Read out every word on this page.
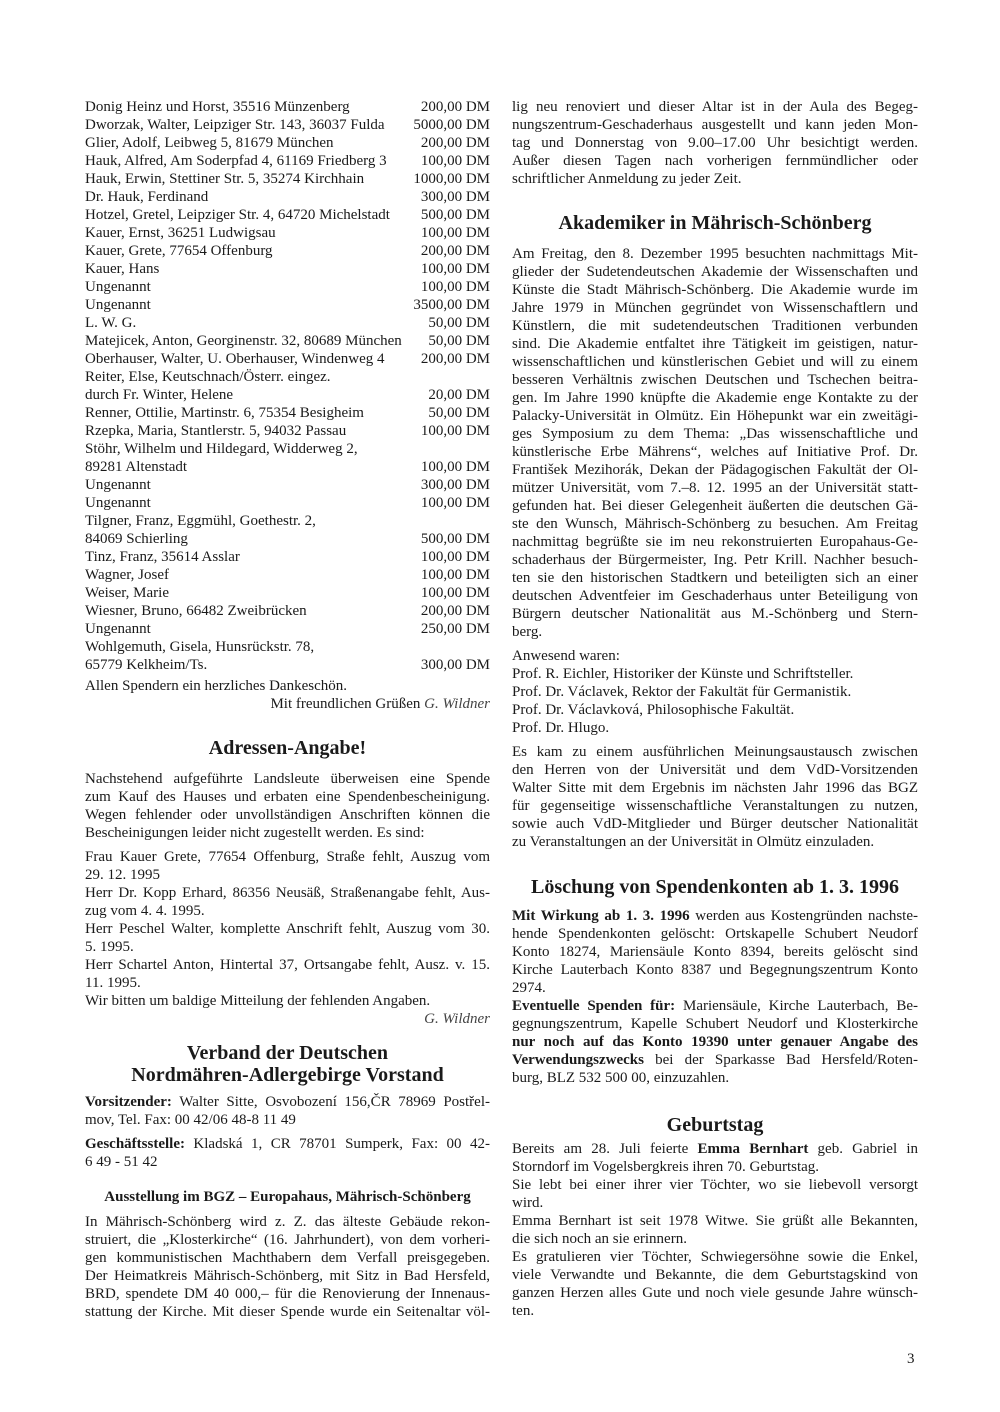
Donig Heinz und Horst, 35516 Münzenberg	200,00 DM
Dworzak, Walter, Leipziger Str. 143, 36037 Fulda 5000,00 DM
Glier, Adolf, Leibweg 5, 81679 München	200,00 DM
Hauk, Alfred, Am Soderpfad 4, 61169 Friedberg 3 100,00 DM
Hauk, Erwin, Stettiner Str. 5, 35274 Kirchhain	1000,00 DM
Dr. Hauk, Ferdinand	300,00 DM
Hotzel, Gretel, Leipziger Str. 4, 64720 Michelstadt 500,00 DM
Kauer, Ernst, 36251 Ludwigsau	100,00 DM
Kauer, Grete, 77654 Offenburg	200,00 DM
Kauer, Hans	100,00 DM
Ungenannt	100,00 DM
Ungenannt	3500,00 DM
L. W. G.	50,00 DM
Matejicek, Anton, Georginenstr. 32, 80689 München 50,00 DM
Oberhauser, Walter, U. Oberhauser, Windenweg 4 200,00 DM
Reiter, Else, Keutschnach/Österr. eingez.
durch Fr. Winter, Helene	20,00 DM
Renner, Ottilie, Martinstr. 6, 75354 Besigheim	50,00 DM
Rzepka, Maria, Stantlerstr. 5, 94032 Passau	100,00 DM
Stöhr, Wilhelm und Hildegard, Widderweg 2,
89281 Altenstadt	100,00 DM
Ungenannt	300,00 DM
Ungenannt	100,00 DM
Tilgner, Franz, Eggmühl, Goethestr. 2,
84069 Schierling	500,00 DM
Tinz, Franz, 35614 Asslar	100,00 DM
Wagner, Josef	100,00 DM
Weiser, Marie	100,00 DM
Wiesner, Bruno, 66482 Zweibrücken	200,00 DM
Ungenannt	250,00 DM
Wohlgemuth, Gisela, Hunsrückstr. 78,
65779 Kelkheim/Ts.	300,00 DM
Allen Spendern ein herzliches Dankeschön.
Mit freundlichen Grüßen G. Wildner
Adressen-Angabe!
Nachstehend aufgeführte Landsleute überweisen eine Spende
zum Kauf des Hauses und erbaten eine Spendenbescheinigung.
Wegen fehlender oder unvollständigen Anschriften können die
Bescheinigungen leider nicht zugestellt werden. Es sind:
Frau Kauer Grete, 77654 Offenburg, Straße fehlt, Auszug vom
29. 12. 1995
Herr Dr. Kopp Erhard, 86356 Neusäß, Straßenangabe fehlt, Aus-
zug vom 4. 4. 1995.
Herr Peschel Walter, komplette Anschrift fehlt, Auszug vom 30.
5. 1995.
Herr Schartel Anton, Hintertal 37, Ortsangabe fehlt, Ausz. v. 15.
11. 1995.
Wir bitten um baldige Mitteilung der fehlenden Angaben.
G. Wildner
Verband der Deutschen
Nordmähren-Adlergebirge Vorstand
Vorsitzender: Walter Sitte, Osvobození 156,ČR 78969 Postřel-
mov, Tel. Fax: 00 42/06 48-8 11 49
Geschäftsstelle: Kladská 1, CR 78701 Sumperk, Fax: 00 42-
6 49 - 51 42
Ausstellung im BGZ – Europahaus, Mährisch-Schönberg
In Mährisch-Schönberg wird z. Z. das älteste Gebäude rekon-
struiert, die „Klosterkirche“ (16. Jahrhundert), von dem vorheri-
gen kommunistischen Machthabern dem Verfall preisgegeben.
Der Heimatkreis Mährisch-Schönberg, mit Sitz in Bad Hersfeld,
BRD, spendete DM 40 000,– für die Renovierung der Innenaus-
stattung der Kirche. Mit dieser Spende wurde ein Seitenaltar völ-
lig neu renoviert und dieser Altar ist in der Aula des Begeg-
nungszentrum-Geschaderhaus ausgestellt und kann jeden Mon-
tag und Donnerstag von 9.00–17.00 Uhr besichtigt werden.
Außer diesen Tagen nach vorherigen fernmündlicher oder
schriftlicher Anmeldung zu jeder Zeit.
Akademiker in Mährisch-Schönberg
Am Freitag, den 8. Dezember 1995 besuchten nachmittags Mit-
glieder der Sudetendeutschen Akademie der Wissenschaften und
Künste die Stadt Mährisch-Schönberg. Die Akademie wurde im
Jahre 1979 in München gegründet von Wissenschaftlern und
Künstlern, die mit sudetendeutschen Traditionen verbunden
sind. Die Akademie entfaltet ihre Tätigkeit im geistigen, natur-
wissenschaftlichen und künstlerischen Gebiet und will zu einem
besseren Verhältnis zwischen Deutschen und Tschechen beitra-
gen. Im Jahre 1990 knüpfte die Akademie enge Kontakte zu der
Palacky-Universität in Olmütz. Ein Höhepunkt war ein zweitägi-
ges Symposium zu dem Thema: „Das wissenschaftliche und
künstlerische Erbe Mährens“, welches auf Initiative Prof. Dr.
František Mezihorák, Dekan der Pädagogischen Fakultät der Ol-
mützer Universität, vom 7.–8. 12. 1995 an der Universität statt-
gefunden hat. Bei dieser Gelegenheit äußerten die deutschen Gä-
ste den Wunsch, Mährisch-Schönberg zu besuchen. Am Freitag
nachmittag begrüßte sie im neu rekonstruierten Europahaus-Ge-
schaderhaus der Bürgermeister, Ing. Petr Krill. Nachher besuch-
ten sie den historischen Stadtkern und beteiligten sich an einer
deutschen Adventfeier im Geschaderhaus unter Beteiligung von
Bürgern deutscher Nationalität aus M.-Schönberg und Stern-
berg.
Anwesend waren:
Prof. R. Eichler, Historiker der Künste und Schriftsteller.
Prof. Dr. Václavek, Rektor der Fakultät für Germanistik.
Prof. Dr. Václavková, Philosophische Fakultät.
Prof. Dr. Hlugo.
Es kam zu einem ausführlichen Meinungsaustausch zwischen
den Herren von der Universität und dem VdD-Vorsitzenden
Walter Sitte mit dem Ergebnis im nächsten Jahr 1996 das BGZ
für gegenseitige wissenschaftliche Veranstaltungen zu nutzen,
sowie auch VdD-Mitglieder und Bürger deutscher Nationalität
zu Veranstaltungen an der Universität in Olmütz einzuladen.
Löschung von Spendenkonten ab 1. 3. 1996
Mit Wirkung ab 1. 3. 1996 werden aus Kostengründen nachste-
hende Spendenkonten gelöscht: Ortskapelle Schubert Neudorf
Konto 18274, Mariensäule Konto 8394, bereits gelöscht sind
Kirche Lauterbach Konto 8387 und Begegnungszentrum Konto
2974.
Eventuelle Spenden für: Mariensäule, Kirche Lauterbach, Be-
gegnungszentrum, Kapelle Schubert Neudorf und Klosterkirche
nur noch auf das Konto 19390 unter genauer Angabe des
Verwendungszwecks bei der Sparkasse Bad Hersfeld/Roten-
burg, BLZ 532 500 00, einzuzahlen.
Geburtstag
Bereits am 28. Juli feierte Emma Bernhart geb. Gabriel in
Storndorf im Vogelsbergkreis ihren 70. Geburtstag.
Sie lebt bei einer ihrer vier Töchter, wo sie liebevoll versorgt
wird.
Emma Bernhart ist seit 1978 Witwe. Sie grüßt alle Bekannten,
die sich noch an sie erinnern.
Es gratulieren vier Töchter, Schwiegersöhne sowie die Enkel,
viele Verwandte und Bekannte, die dem Geburtstagskind von
ganzen Herzen alles Gute und noch viele gesunde Jahre wünsch-
ten.
3
